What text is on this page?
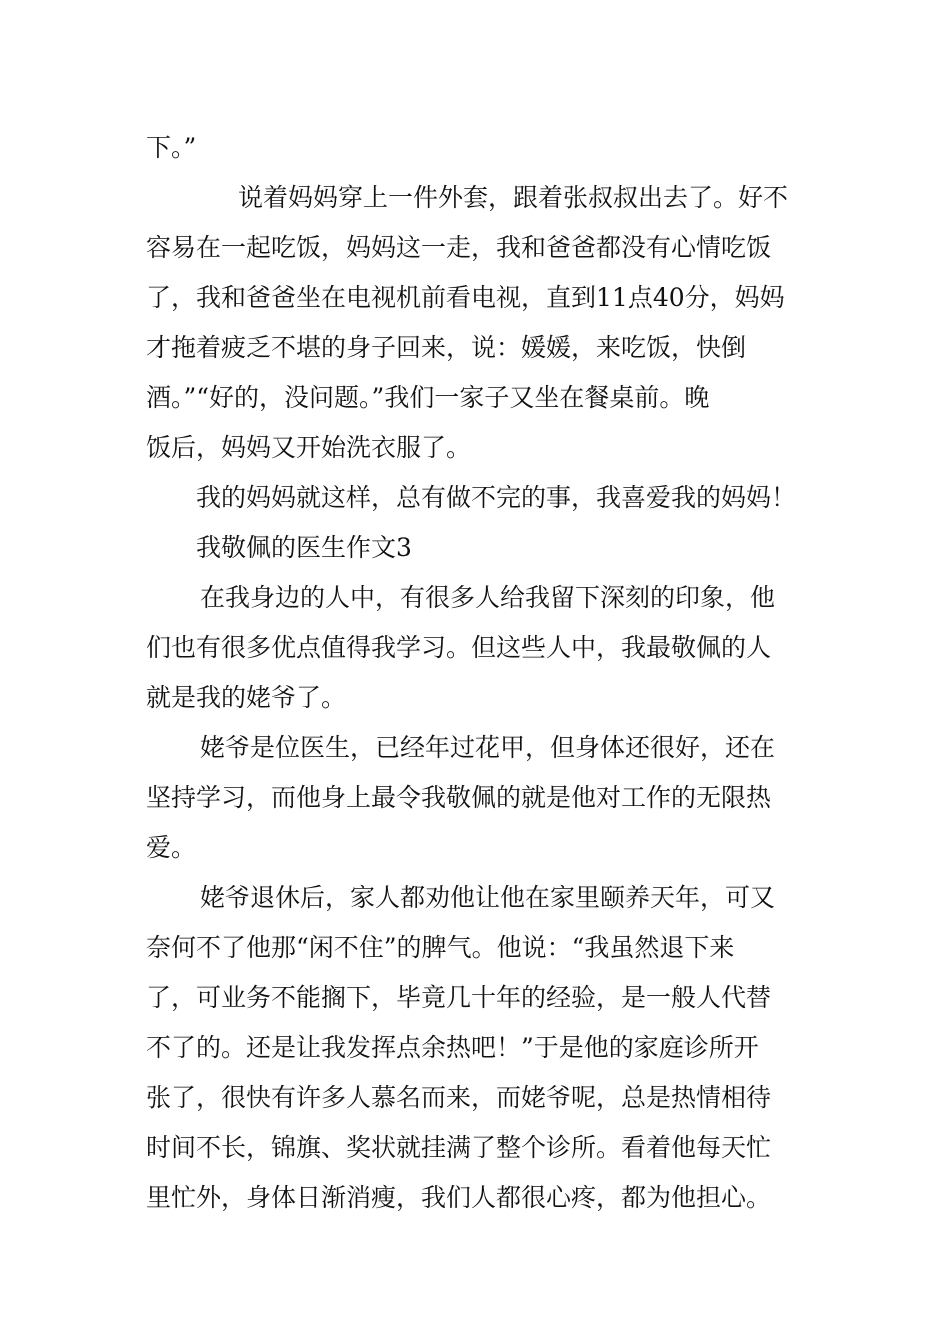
下。”
说着妈妈穿上一件外套，跟着张叔叔出去了。好不
容易在一起吃饭，妈妈这一走，我和爸爸都没有心情吃饭
了，我和爸爸坐在电视机前看电视，直到11点40分，妈妈
才拖着疲乏不堪的身子回来，说：媛媛，来吃饭，快倒
酒。”“好的，没问题。”我们一家子又坐在餐桌前。晚
饭后，妈妈又开始洗衣服了。
我的妈妈就这样，总有做不完的事，我喜爱我的妈妈！
我敬佩的医生作文3
在我身边的人中，有很多人给我留下深刻的印象，他
们也有很多优点值得我学习。但这些人中，我最敬佩的人
就是我的姥爷了。
姥爷是位医生，已经年过花甲，但身体还很好，还在
坚持学习，而他身上最令我敬佩的就是他对工作的无限热
爱。
姥爷退休后，家人都劝他让他在家里颐养天年，可又
奈何不了他那“闲不住”的脾气。他说：“我虽然退下来
了，可业务不能搁下，毕竟几十年的经验，是一般人代替
不了的。还是让我发挥点余热吧！”于是他的家庭诊所开
张了，很快有许多人慕名而来，而姥爷呢，总是热情相待
时间不长，锦旗、奖状就挂满了整个诊所。看着他每天忙
里忙外，身体日渐消瘦，我们人都很心疼，都为他担心。
